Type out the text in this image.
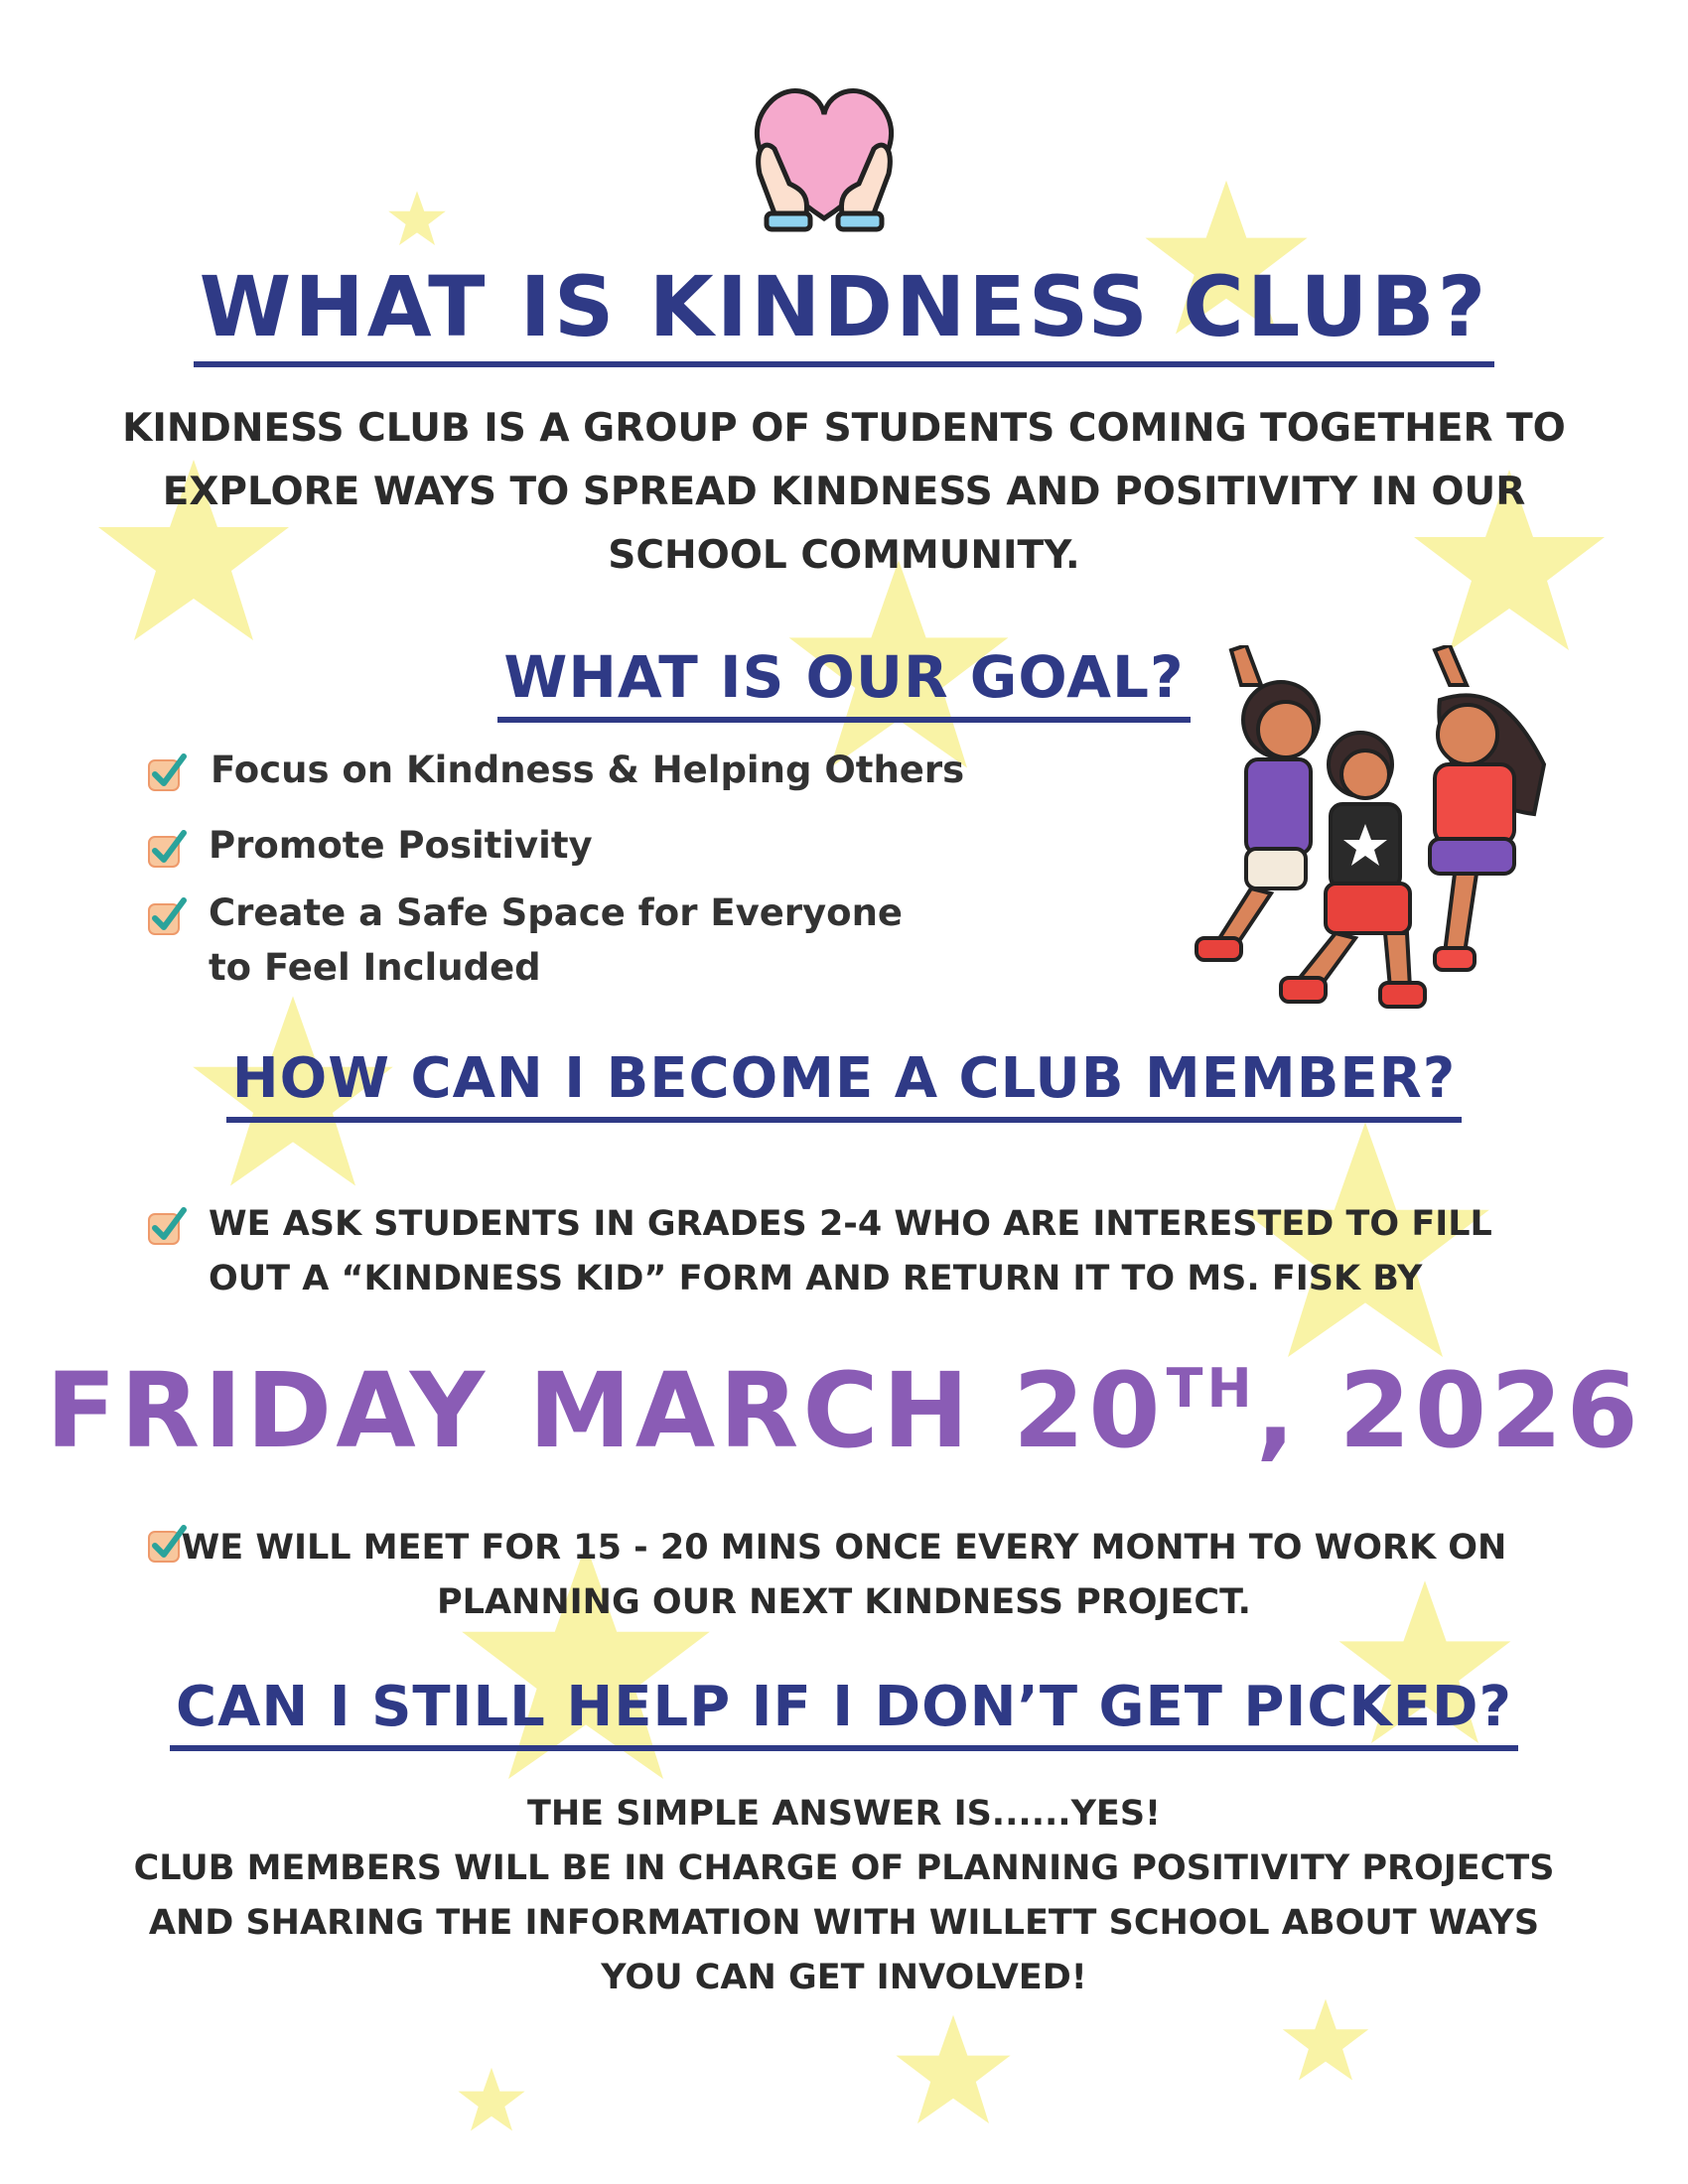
WHAT IS KINDNESS CLUB?
KINDNESS CLUB IS A GROUP OF STUDENTS COMING TOGETHER TO EXPLORE WAYS TO SPREAD KINDNESS AND POSITIVITY IN OUR SCHOOL COMMUNITY.
WHAT IS OUR GOAL?
Focus on Kindness & Helping Others
Promote Positivity
Create a Safe Space for Everyone
to Feel Included
HOW CAN I BECOME A CLUB MEMBER?
WE ASK STUDENTS IN GRADES 2-4 WHO ARE INTERESTED TO FILL
OUT A “KINDNESS KID” FORM AND RETURN IT TO MS. FISK BY
FRIDAY MARCH 20TH, 2026
WE WILL MEET FOR 15 - 20 MINS ONCE EVERY MONTH TO WORK ON
PLANNING OUR NEXT KINDNESS PROJECT.
CAN I STILL HELP IF I DON’T GET PICKED?
THE SIMPLE ANSWER IS......YES!
CLUB MEMBERS WILL BE IN CHARGE OF PLANNING POSITIVITY PROJECTS
AND SHARING THE INFORMATION WITH WILLETT SCHOOL ABOUT WAYS
YOU CAN GET INVOLVED!
